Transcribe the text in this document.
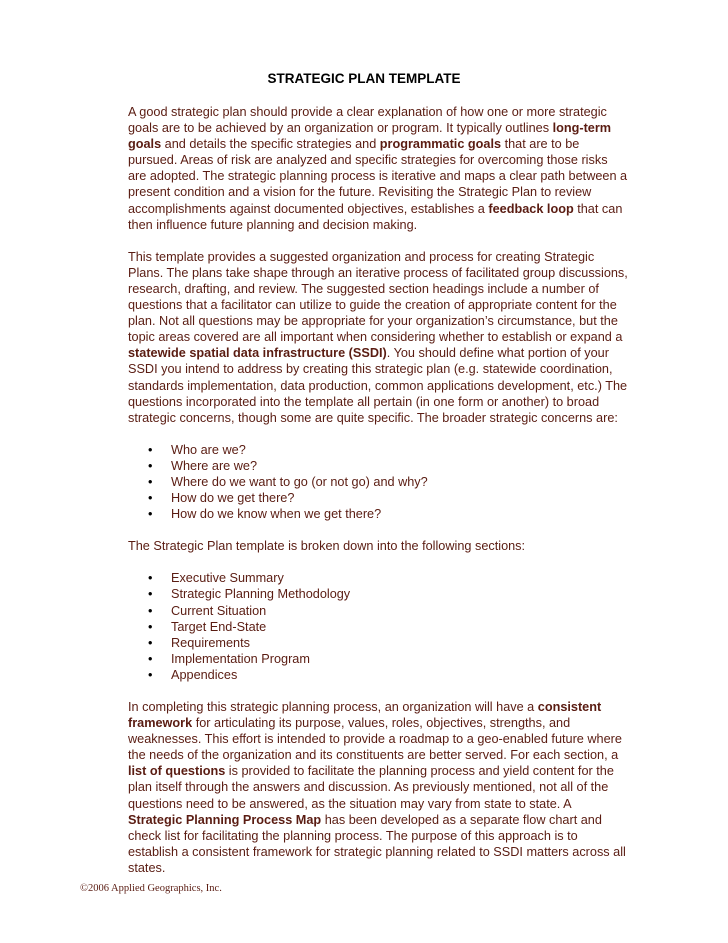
STRATEGIC PLAN TEMPLATE

A good strategic plan should provide a clear explanation of how one or more strategic goals are to be achieved by an organization or program. It typically outlines long-term goals and details the specific strategies and programmatic goals that are to be pursued. Areas of risk are analyzed and specific strategies for overcoming those risks are adopted. The strategic planning process is iterative and maps a clear path between a present condition and a vision for the future. Revisiting the Strategic Plan to review accomplishments against documented objectives, establishes a feedback loop that can then influence future planning and decision making.

This template provides a suggested organization and process for creating Strategic Plans. The plans take shape through an iterative process of facilitated group discussions, research, drafting, and review. The suggested section headings include a number of questions that a facilitator can utilize to guide the creation of appropriate content for the plan. Not all questions may be appropriate for your organization’s circumstance, but the topic areas covered are all important when considering whether to establish or expand a statewide spatial data infrastructure (SSDI). You should define what portion of your SSDI you intend to address by creating this strategic plan (e.g. statewide coordination, standards implementation, data production, common applications development, etc.) The questions incorporated into the template all pertain (in one form or another) to broad strategic concerns, though some are quite specific. The broader strategic concerns are:

• Who are we?
• Where are we?
• Where do we want to go (or not go) and why?
• How do we get there?
• How do we know when we get there?

The Strategic Plan template is broken down into the following sections:

• Executive Summary
• Strategic Planning Methodology
• Current Situation
• Target End-State
• Requirements
• Implementation Program
• Appendices

In completing this strategic planning process, an organization will have a consistent framework for articulating its purpose, values, roles, objectives, strengths, and weaknesses. This effort is intended to provide a roadmap to a geo-enabled future where the needs of the organization and its constituents are better served. For each section, a list of questions is provided to facilitate the planning process and yield content for the plan itself through the answers and discussion. As previously mentioned, not all of the questions need to be answered, as the situation may vary from state to state. A Strategic Planning Process Map has been developed as a separate flow chart and check list for facilitating the planning process. The purpose of this approach is to establish a consistent framework for strategic planning related to SSDI matters across all states.

©2006 Applied Geographics, Inc.
